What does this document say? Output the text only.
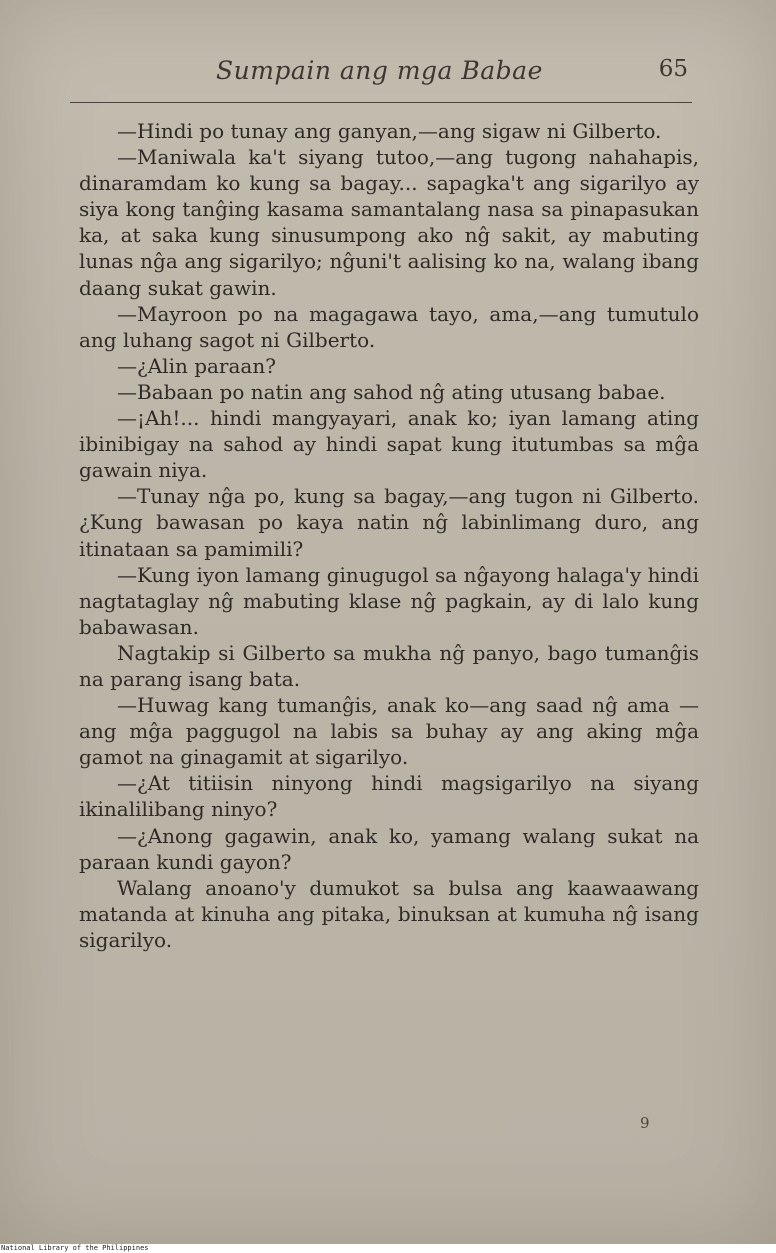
Sumpain ang mga Babae	65

—Hindi po tunay ang ganyan,—ang sigaw ni Gilberto.

—Maniwala ka't siyang tutoo,—ang tugong nahahapis, dinaramdam ko kung sa bagay... sapagka't ang sigarilyo ay siya kong tanĝing kasama samantalang nasa sa pinapasukan ka, at saka kung sinusumpong ako nĝ sakit, ay mabuting lunas nĝa ang sigarilyo; nĝuni't aalising ko na, walang ibang daang sukat gawin.

—Mayroon po na magagawa tayo, ama,—ang tumutulo ang luhang sagot ni Gilberto.

—¿Alin paraan?

—Babaan po natin ang sahod nĝ ating utusang babae.

—¡Ah!... hindi mangyayari, anak ko; iyan lamang ating ibinibigay na sahod ay hindi sapat kung itutumbas sa mĝa gawain niya.

—Tunay nĝa po, kung sa bagay,—ang tugon ni Gilberto. ¿Kung bawasan po kaya natin nĝ labinlimang duro, ang itinataan sa pamimili?

—Kung iyon lamang ginugugol sa nĝayong halaga'y hindi nagtataglay nĝ mabuting klase nĝ pagkain, ay di lalo kung babawasan.

Nagtakip si Gilberto sa mukha nĝ panyo, bago tumanĝis na parang isang bata.

—Huwag kang tumanĝis, anak ko—ang saad nĝ ama —ang mĝa paggugol na labis sa buhay ay ang aking mĝa gamot na ginagamit at sigarilyo.

—¿At titiisin ninyong hindi magsigarilyo na siyang ikinalilibang ninyo?

—¿Anong gagawin, anak ko, yamang walang sukat na paraan kundi gayon?

Walang anoano'y dumukot sa bulsa ang kaawaawang matanda at kinuha ang pitaka, binuksan at kumuha nĝ isang sigarilyo.

9
National Library of the Philippines
